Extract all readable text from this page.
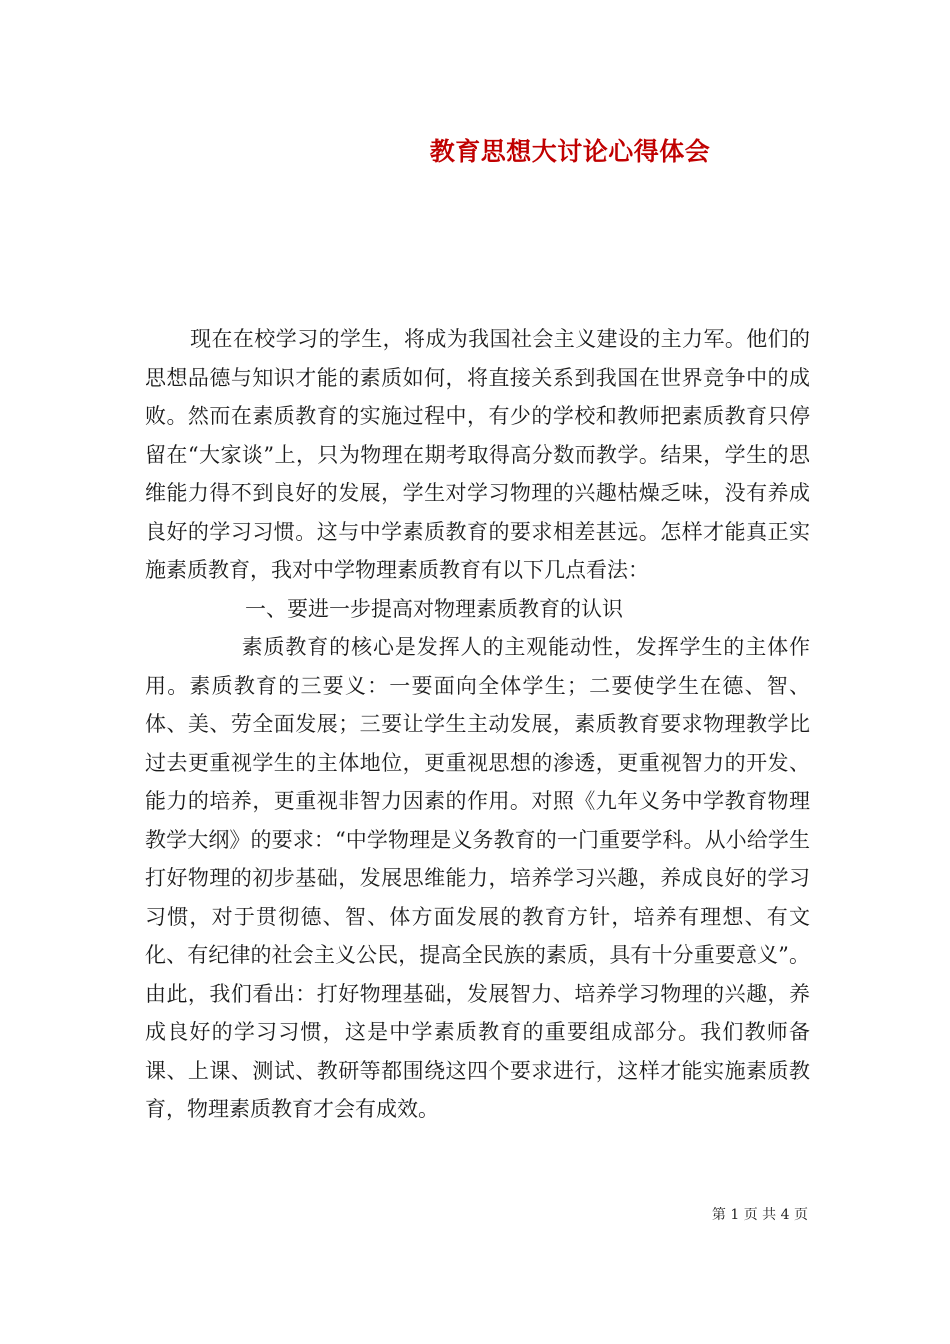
教育思想大讨论心得体会

现在在校学习的学生，将成为我国社会主义建设的主力军。他们的思想品德与知识才能的素质如何，将直接关系到我国在世界竞争中的成败。然而在素质教育的实施过程中，有少的学校和教师把素质教育只停留在“大家谈”上，只为物理在期考取得高分数而教学。结果，学生的思维能力得不到良好的发展，学生对学习物理的兴趣枯燥乏味，没有养成良好的学习习惯。这与中学素质教育的要求相差甚远。怎样才能真正实施素质教育，我对中学物理素质教育有以下几点看法：

一、要进一步提高对物理素质教育的认识

素质教育的核心是发挥人的主观能动性，发挥学生的主体作用。素质教育的三要义：一要面向全体学生；二要使学生在德、智、体、美、劳全面发展；三要让学生主动发展，素质教育要求物理教学比过去更重视学生的主体地位，更重视思想的渗透，更重视智力的开发、能力的培养，更重视非智力因素的作用。对照《九年义务中学教育物理教学大纲》的要求：“中学物理是义务教育的一门重要学科。从小给学生打好物理的初步基础，发展思维能力，培养学习兴趣，养成良好的学习习惯，对于贯彻德、智、体方面发展的教育方针，培养有理想、有文化、有纪律的社会主义公民，提高全民族的素质，具有十分重要意义”。由此，我们看出：打好物理基础，发展智力、培养学习物理的兴趣，养成良好的学习习惯，这是中学素质教育的重要组成部分。我们教师备课、上课、测试、教研等都围绕这四个要求进行，这样才能实施素质教育，物理素质教育才会有成效。

第 1 页 共 4 页
